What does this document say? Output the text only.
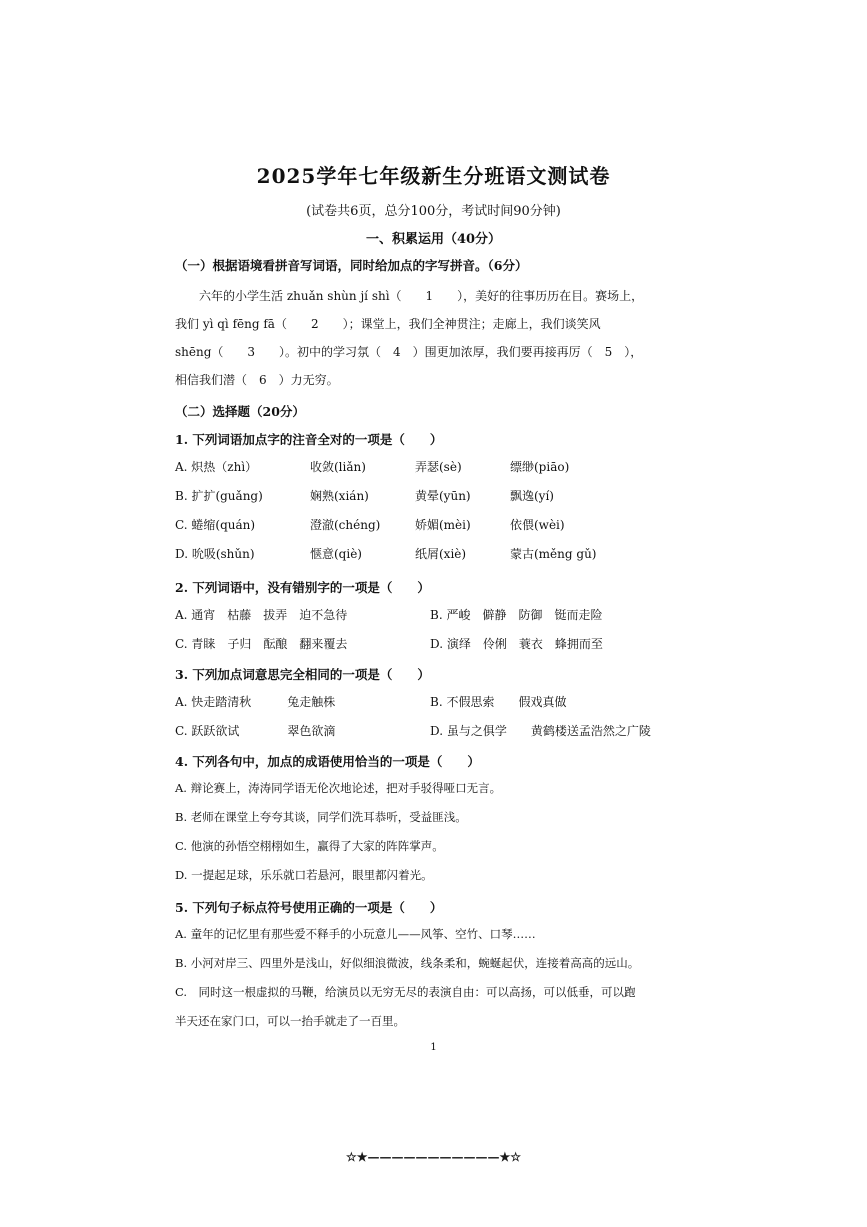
2025学年七年级新生分班语文测试卷
(试卷共6页，总分100分，考试时间90分钟)
一、积累运用（40分）
（一）根据语境看拼音写词语，同时给加点的字写拼音。（6分）
六年的小学生活 zhuǎn shùn jí shì（　　1　　），美好的往事历历在目。赛场上，
我们 yì qì fēng fā（　　2　　）；课堂上，我们全神贯注；走廊上，我们谈笑风
shēng（　　3　　）。初中的学习氛（　4　）围更加浓厚，我们要再接再厉（　5　），
相信我们潜（　6　）力无穷。
（二）选择题（20分）
1. 下列词语加点字的注音全对的一项是（　　）
A. 炽热（zhì）	收敛(liǎn)	弄瑟(sè)	缥缈(piāo)
B. 扩扩(guǎng)	娴熟(xián)	黄晕(yūn)	飘逸(yí)
C. 蜷缩(quán)	澄澈(chéng)	娇媚(mèi)	依偎(wèi)
D. 吮吸(shǔn)	惬意(qiè)	纸屑(xiè)	蒙古(měng gǔ)
2. 下列词语中，没有错别字的一项是（　　）
A. 通宵　枯藤　拔弄　迫不急待	B. 严峻　僻静　防御　铤而走险
C. 青睐　子归　酝酿　翻来覆去	D. 演绎　伶俐　蓑衣　蜂拥而至
3. 下列加点词意思完全相同的一项是（　　）
A. 快走踏清秋　　　兔走触株	B. 不假思索　　假戏真做
C. 跃跃欲试　　　　翠色欲滴	D. 虽与之俱学　　黄鹤楼送孟浩然之广陵
4. 下列各句中，加点的成语使用恰当的一项是（　　）
A. 辩论赛上，涛涛同学语无伦次地论述，把对手驳得哑口无言。
B. 老师在课堂上夸夸其谈，同学们洗耳恭听，受益匪浅。
C. 他演的孙悟空栩栩如生，赢得了大家的阵阵掌声。
D. 一提起足球，乐乐就口若悬河，眼里都闪着光。
5. 下列句子标点符号使用正确的一项是（　　）
A. 童年的记忆里有那些爱不释手的小玩意儿——风筝、空竹、口琴……
B. 小河对岸三、四里外是浅山，好似细浪微波，线条柔和，蜿蜒起伏，连接着高高的远山。
C.　同时这一根虚拟的马鞭，给演员以无穷无尽的表演自由：可以高扬，可以低垂，可以跑
半天还在家门口，可以一抬手就走了一百里。
1
☆★———————————★☆
